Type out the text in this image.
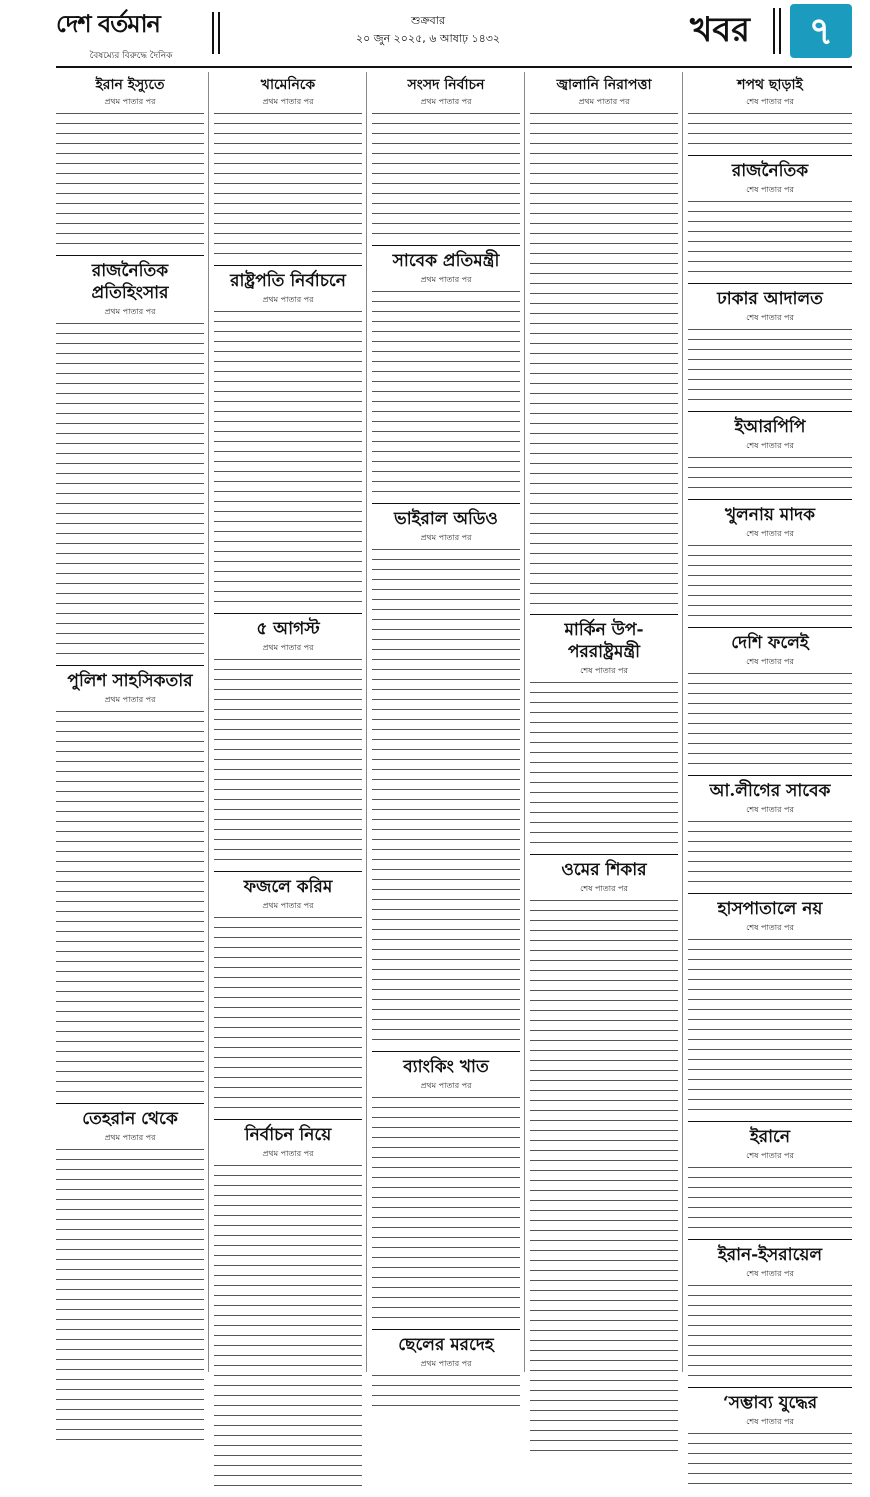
দেশ বর্তমান
বৈষম্যের বিরুদ্ধে দৈনিক
শুক্রবার
২০ জুন ২০২৫, ৬ আষাঢ় ১৪৩২	খবর	৭
ইরান ইস্যুতে
প্রথম পাতার পর
রাজনৈতিক প্রতিহিংসার
প্রথম পাতার পর
পুলিশ সাহসিকতার
প্রথম পাতার পর
তেহরান থেকে
প্রথম পাতার পর
খামেনিকে
প্রথম পাতার পর
রাষ্ট্রপতি নির্বাচনে
প্রথম পাতার পর
৫ আগস্ট
প্রথম পাতার পর
ফজলে করিম
প্রথম পাতার পর
নির্বাচন নিয়ে
প্রথম পাতার পর
সংসদ নির্বাচন
প্রথম পাতার পর
সাবেক প্রতিমন্ত্রী
প্রথম পাতার পর
ভাইরাল অডিও
প্রথম পাতার পর
ব্যাংকিং খাত
প্রথম পাতার পর
ছেলের মরদেহ
প্রথম পাতার পর
জ্বালানি নিরাপত্তা
প্রথম পাতার পর
শপথ ছাড়াই
শেষ পাতার পর
রাজনৈতিক
শেষ পাতার পর
ঢাকার আদালত
শেষ পাতার পর
ইআরপিপি
শেষ পাতার পর
খুলনায় মাদক
শেষ পাতার পর
দেশি ফলেই
শেষ পাতার পর
আ.লীগের সাবেক
শেষ পাতার পর
হাসপাতালে নয়
শেষ পাতার পর
ইরানে
শেষ পাতার পর
ইরান-ইসরায়েল
শেষ পাতার পর
‘সম্ভাব্য যুদ্ধের
শেষ পাতার পর
মার্কিন উপ-পররাষ্ট্রমন্ত্রী
শেষ পাতার পর
ওমের শিকার
শেষ পাতার পর
